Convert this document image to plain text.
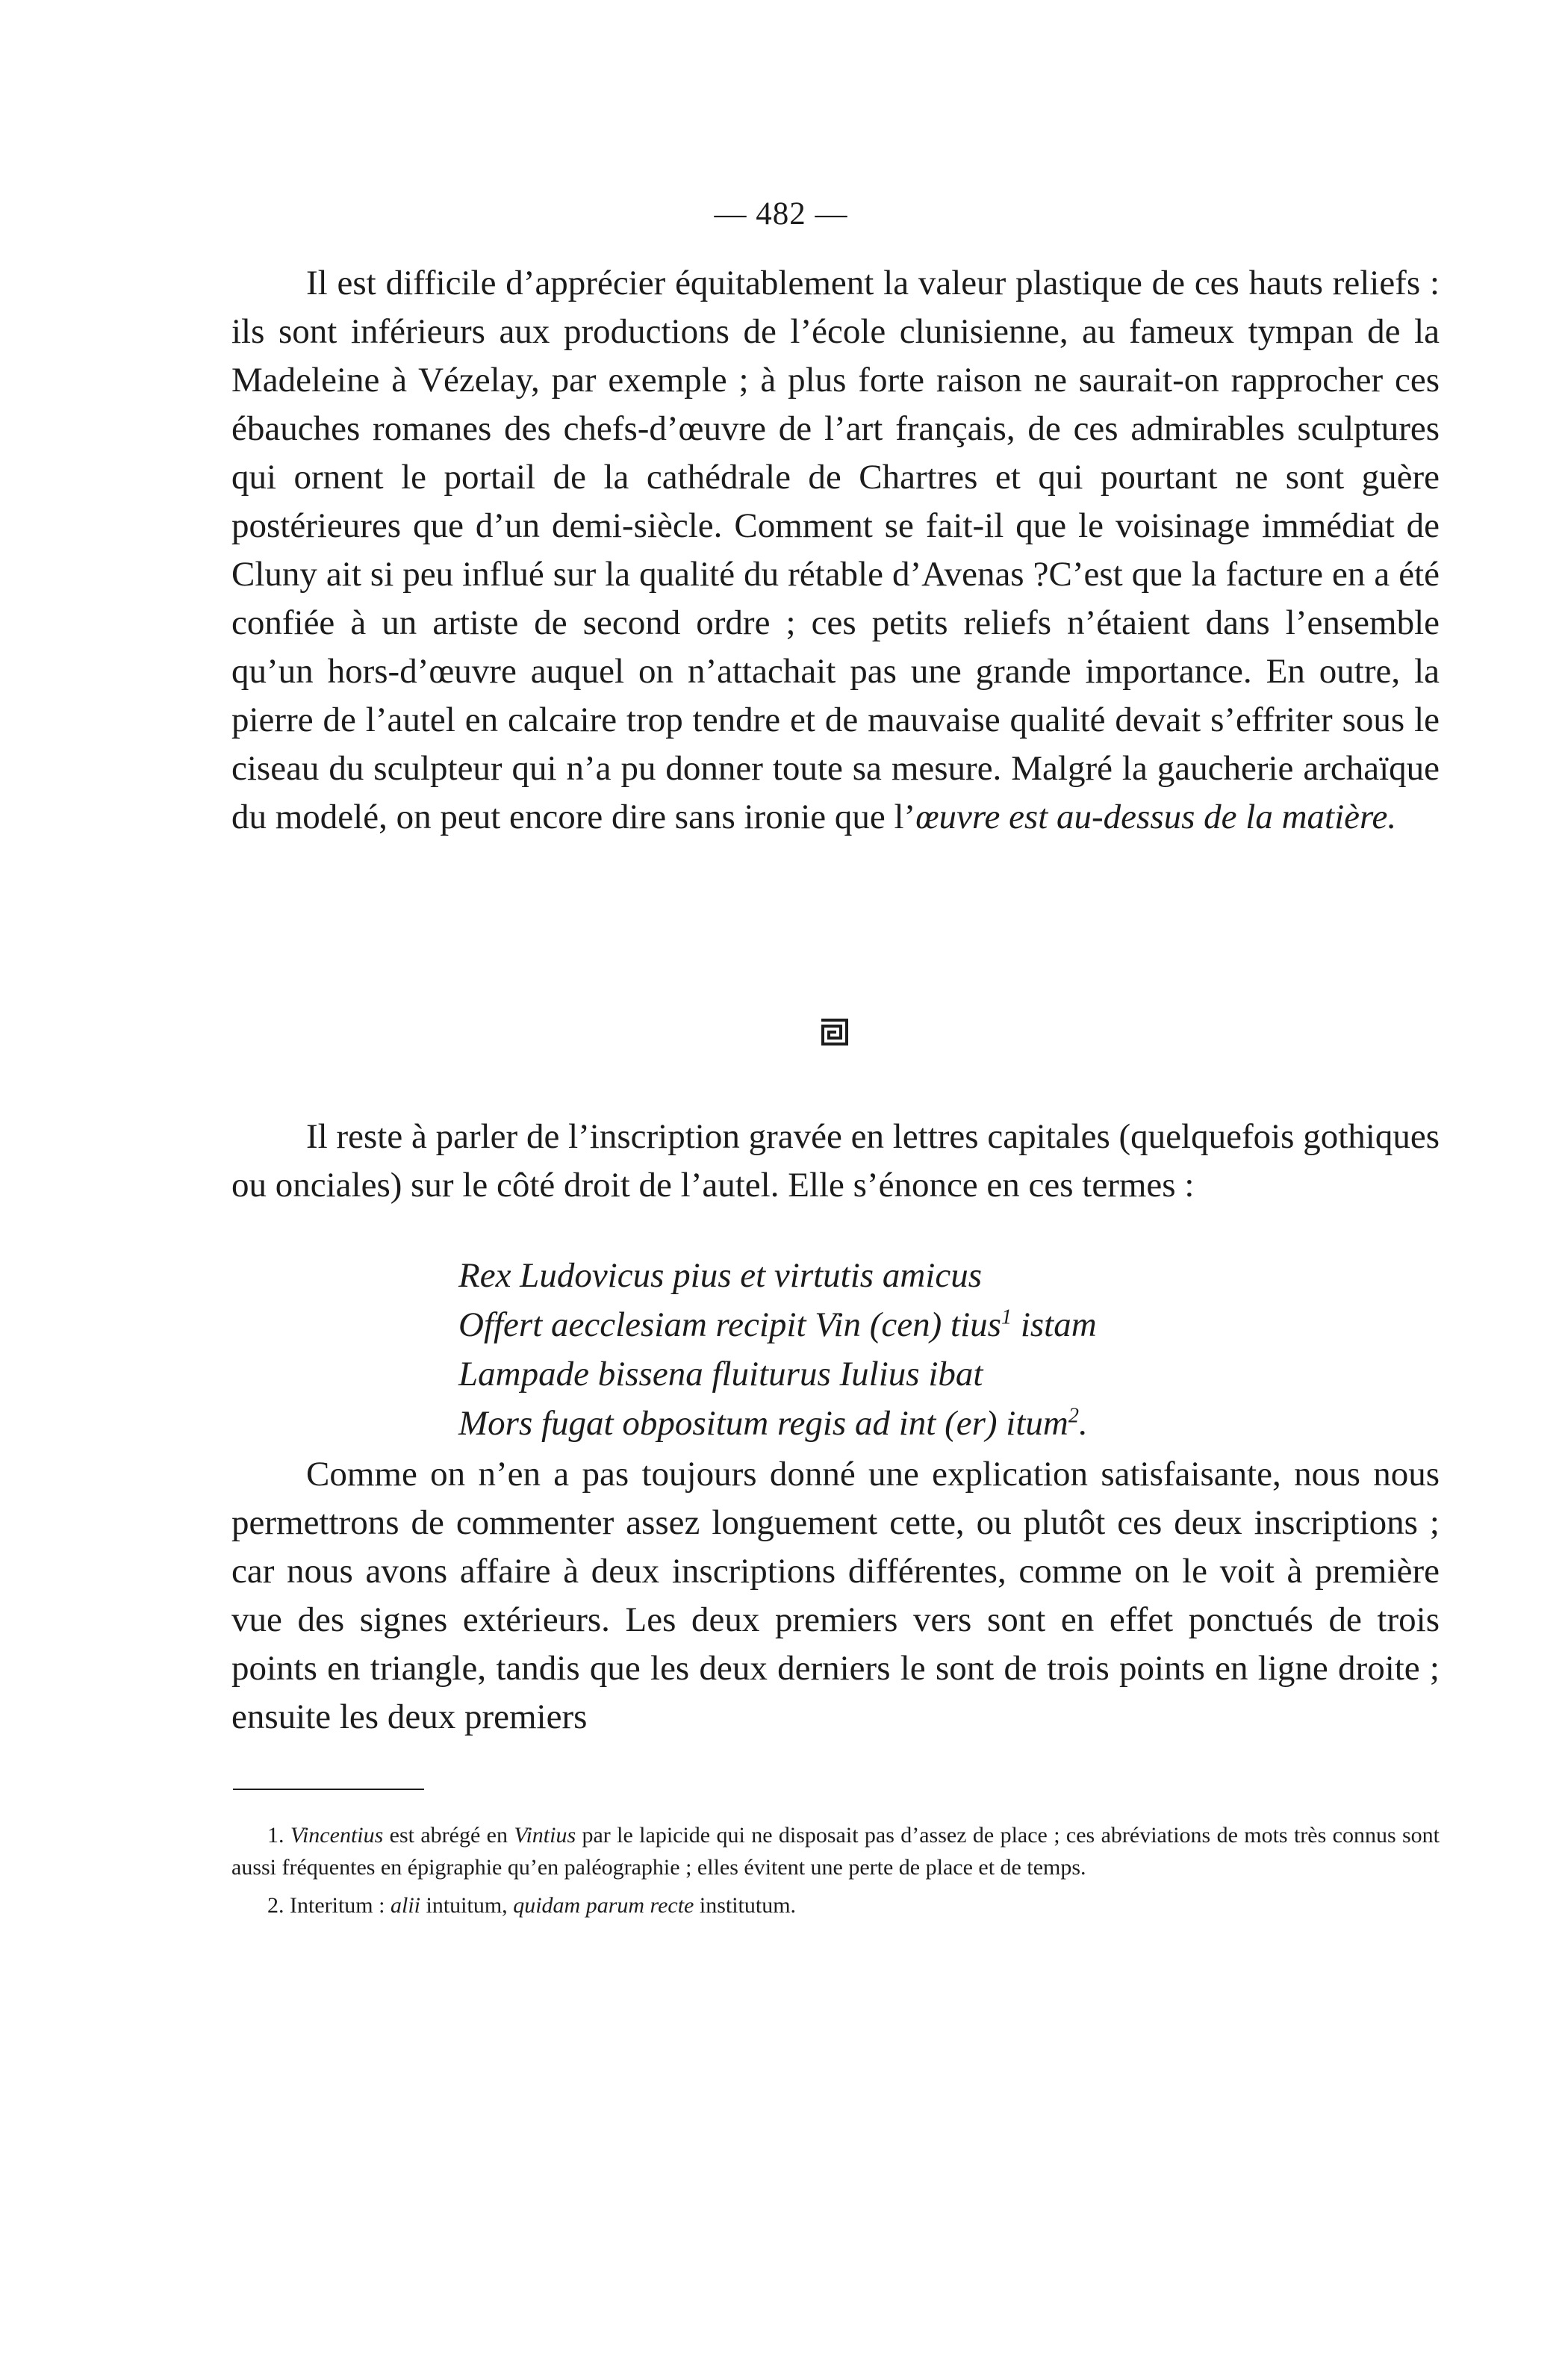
— 482 —

Il est difficile d’apprécier équitablement la valeur plastique de ces hauts reliefs : ils sont inférieurs aux productions de l’école clunisienne, au fameux tympan de la Madeleine à Vézelay, par exemple ; à plus forte raison ne saurait-on rapprocher ces ébauches romanes des chefs-d’œuvre de l’art français, de ces admirables sculptures qui ornent le portail de la cathédrale de Chartres et qui pourtant ne sont guère postérieures que d’un demi-siècle. Comment se fait-il que le voisinage immédiat de Cluny ait si peu influé sur la qualité du rétable d’Avenas ?C’est que la facture en a été confiée à un artiste de second ordre ; ces petits reliefs n’étaient dans l’ensemble qu’un hors-d’œuvre auquel on n’attachait pas une grande importance. En outre, la pierre de l’autel en calcaire trop tendre et de mauvaise qualité devait s’effriter sous le ciseau du sculpteur qui n’a pu donner toute sa mesure. Malgré la gaucherie archaïque du modelé, on peut encore dire sans ironie que l’œuvre est au-dessus de la matière.

Il reste à parler de l’inscription gravée en lettres capitales (quelquefois gothiques ou onciales) sur le côté droit de l’autel. Elle s’énonce en ces termes :

Rex Ludovicus pius et virtutis amicus
Offert aecclesiam recipit Vin (cen) tius$^1$ istam
Lampade bissena fluiturus Iulius ibat
Mors fugat obpositum regis ad int (er) itum$^2$.

Comme on n’en a pas toujours donné une explication satisfaisante, nous nous permettrons de commenter assez longuement cette, ou plutôt ces deux inscriptions ; car nous avons affaire à deux inscriptions différentes, comme on le voit à première vue des signes extérieurs. Les deux premiers vers sont en effet ponctués de trois points en triangle, tandis que les deux derniers le sont de trois points en ligne droite ; ensuite les deux premiers

1. Vincentius est abrégé en Vintius par le lapicide qui ne disposait pas d’assez de place ; ces abréviations de mots très connus sont aussi fréquentes en épigraphie qu’en paléographie ; elles évitent une perte de place et de temps.

2. Interitum : alii intuitum, quidam parum recte institutum.
